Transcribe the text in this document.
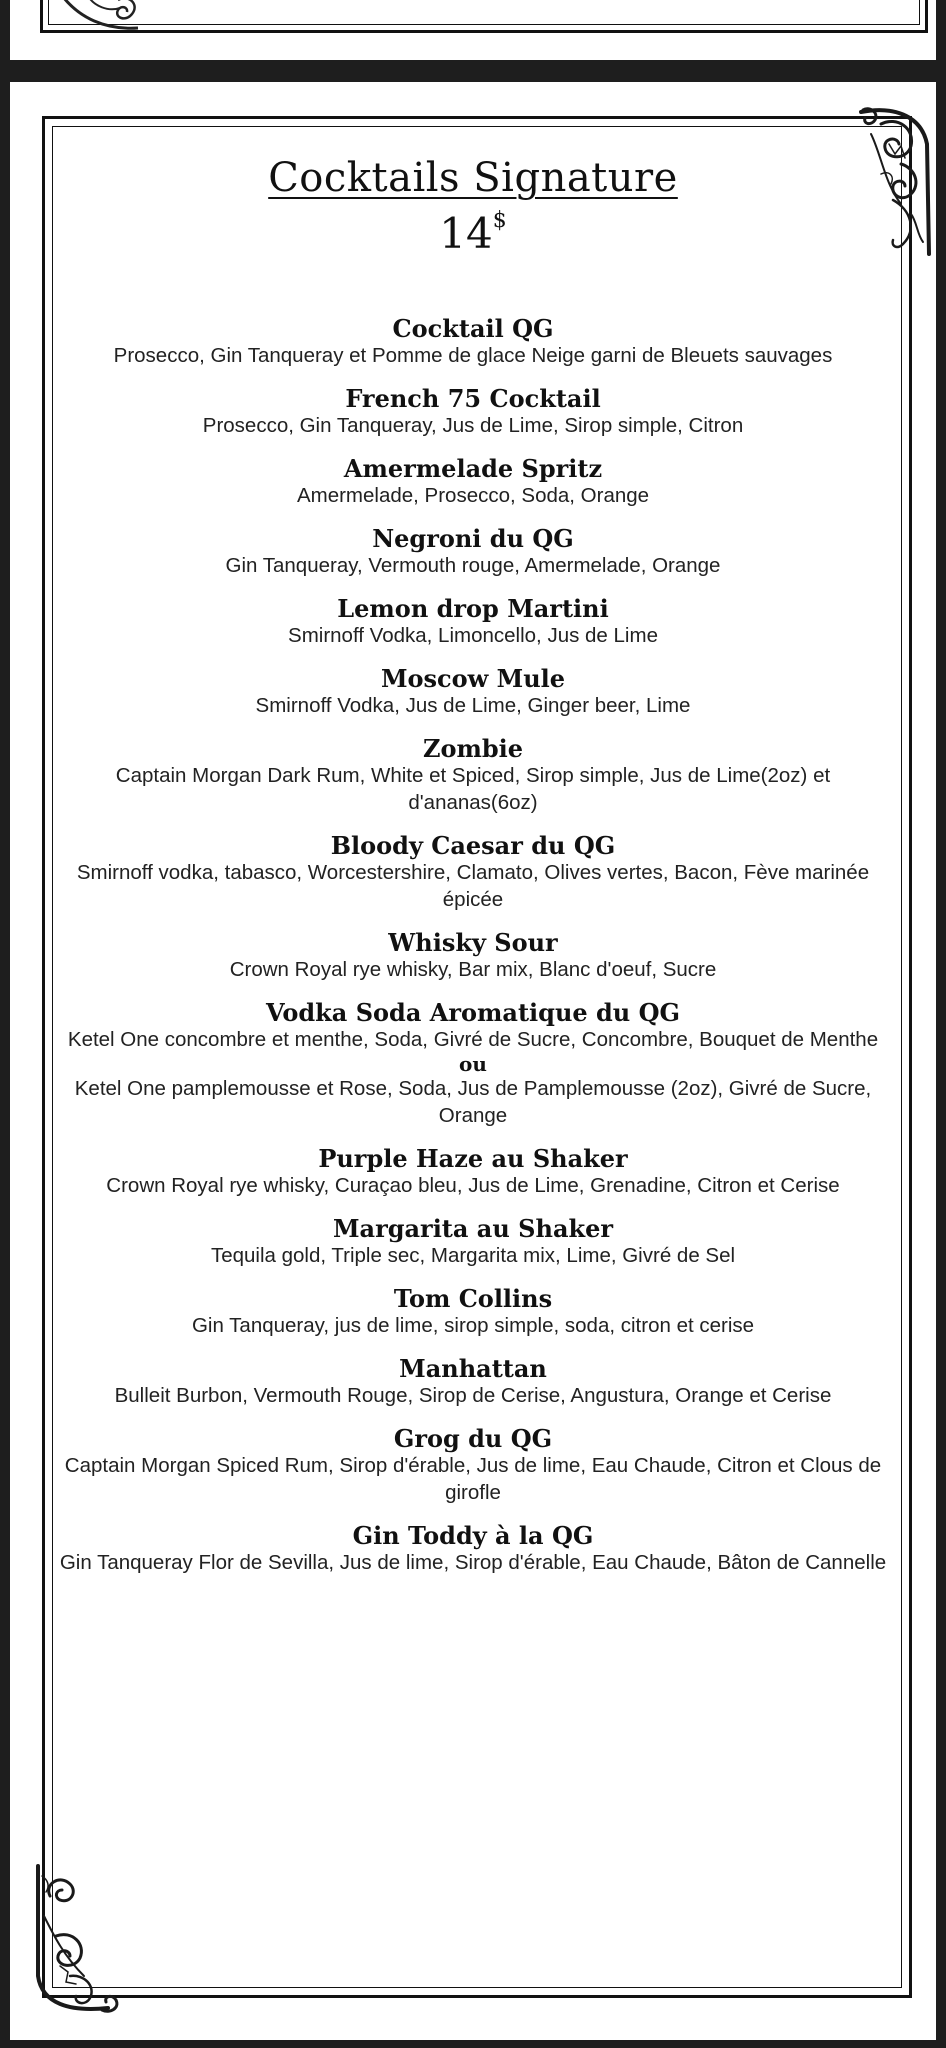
Cocktails Signature
14$
Cocktail QG
Prosecco, Gin Tanqueray et Pomme de glace Neige garni de Bleuets sauvages
French 75 Cocktail
Prosecco, Gin Tanqueray, Jus de Lime, Sirop simple, Citron
Amermelade Spritz
Amermelade, Prosecco, Soda, Orange
Negroni du QG
Gin Tanqueray, Vermouth rouge, Amermelade, Orange
Lemon drop Martini
Smirnoff Vodka, Limoncello, Jus de Lime
Moscow Mule
Smirnoff Vodka, Jus de Lime, Ginger beer, Lime
Zombie
Captain Morgan Dark Rum, White et Spiced, Sirop simple, Jus de Lime(2oz) et d'ananas(6oz)
Bloody Caesar du QG
Smirnoff vodka, tabasco, Worcestershire, Clamato, Olives vertes, Bacon, Fève marinée épicée
Whisky Sour
Crown Royal rye whisky, Bar mix, Blanc d'oeuf, Sucre
Vodka Soda Aromatique du QG
Ketel One concombre et menthe, Soda, Givré de Sucre, Concombre, Bouquet de Menthe
ou
Ketel One pamplemousse et Rose, Soda, Jus de Pamplemousse (2oz), Givré de Sucre, Orange
Purple Haze au Shaker
Crown Royal rye whisky, Curaçao bleu, Jus de Lime, Grenadine, Citron et Cerise
Margarita au Shaker
Tequila gold, Triple sec, Margarita mix, Lime, Givré de Sel
Tom Collins
Gin Tanqueray, jus de lime, sirop simple, soda, citron et cerise
Manhattan
Bulleit Burbon, Vermouth Rouge, Sirop de Cerise, Angustura, Orange et Cerise
Grog du QG
Captain Morgan Spiced Rum, Sirop d'érable, Jus de lime, Eau Chaude, Citron et Clous de girofle
Gin Toddy à la QG
Gin Tanqueray Flor de Sevilla, Jus de lime, Sirop d'érable, Eau Chaude, Bâton de Cannelle
